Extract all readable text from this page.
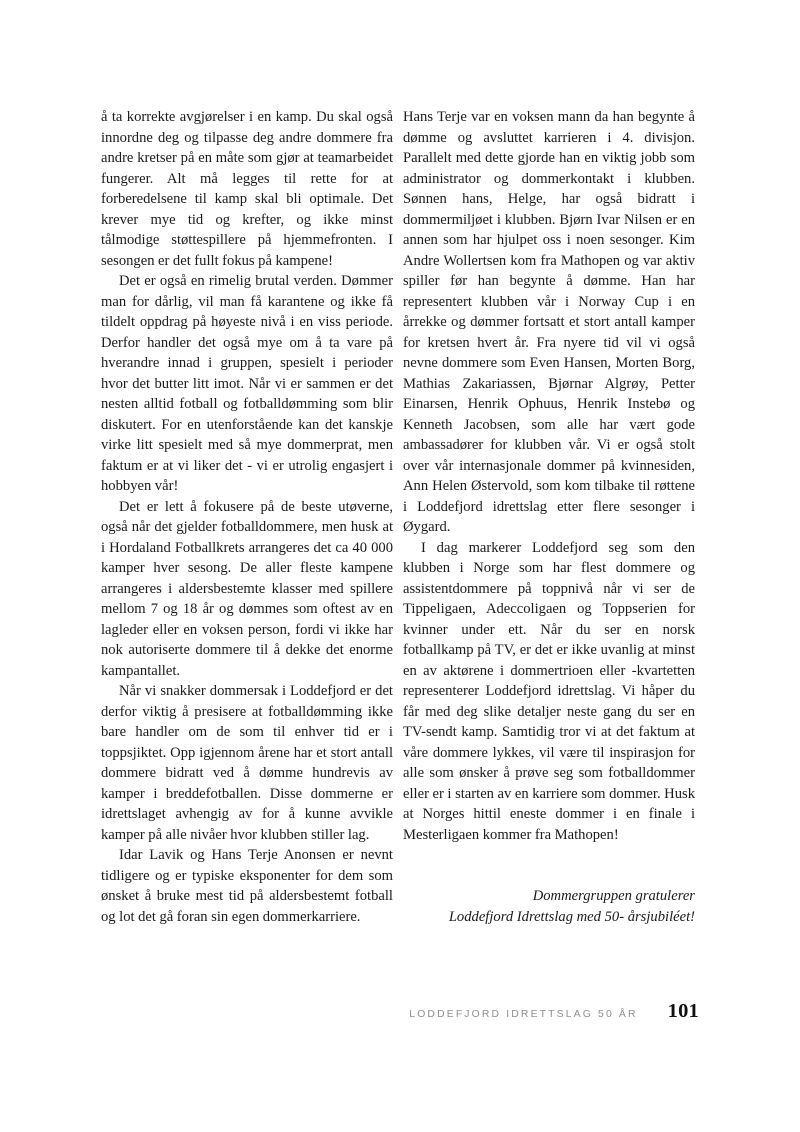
å ta korrekte avgjørelser i en kamp. Du skal også innordne deg og tilpasse deg andre dommere fra andre kretser på en måte som gjør at teamarbeidet fungerer. Alt må legges til rette for at forberedelsene til kamp skal bli optimale. Det krever mye tid og krefter, og ikke minst tålmodige støttespillere på hjemmefronten. I sesongen er det fullt fokus på kampene!

Det er også en rimelig brutal verden. Dømmer man for dårlig, vil man få karantene og ikke få tildelt oppdrag på høyeste nivå i en viss periode. Derfor handler det også mye om å ta vare på hverandre innad i gruppen, spesielt i perioder hvor det butter litt imot. Når vi er sammen er det nesten alltid fotball og fotballdømming som blir diskutert. For en utenforstående kan det kanskje virke litt spesielt med så mye dommerprat, men faktum er at vi liker det - vi er utrolig engasjert i hobbyen vår!

Det er lett å fokusere på de beste utøverne, også når det gjelder fotballdommere, men husk at i Hordaland Fotballkrets arrangeres det ca 40 000 kamper hver sesong. De aller fleste kampene arrangeres i aldersbestemte klasser med spillere mellom 7 og 18 år og dømmes som oftest av en lagleder eller en voksen person, fordi vi ikke har nok autoriserte dommere til å dekke det enorme kampantallet.

Når vi snakker dommersak i Loddefjord er det derfor viktig å presisere at fotballdømming ikke bare handler om de som til enhver tid er i toppsjiktet. Opp igjennom årene har et stort antall dommere bidratt ved å dømme hundrevis av kamper i breddefotballen. Disse dommerne er idrettslaget avhengig av for å kunne avvikle kamper på alle nivåer hvor klubben stiller lag.

Idar Lavik og Hans Terje Anonsen er nevnt tidligere og er typiske eksponenter for dem som ønsket å bruke mest tid på aldersbestemt fotball og lot det gå foran sin egen dommerkarriere.

Hans Terje var en voksen mann da han begynte å dømme og avsluttet karrieren i 4. divisjon. Parallelt med dette gjorde han en viktig jobb som administrator og dommerkontakt i klubben. Sønnen hans, Helge, har også bidratt i dommermiljøet i klubben. Bjørn Ivar Nilsen er en annen som har hjulpet oss i noen sesonger. Kim Andre Wollertsen kom fra Mathopen og var aktiv spiller før han begynte å dømme. Han har representert klubben vår i Norway Cup i en årrekke og dømmer fortsatt et stort antall kamper for kretsen hvert år. Fra nyere tid vil vi også nevne dommere som Even Hansen, Morten Borg, Mathias Zakariassen, Bjørnar Algrøy, Petter Einarsen, Henrik Ophuus, Henrik Instebø og Kenneth Jacobsen, som alle har vært gode ambassadører for klubben vår. Vi er også stolt over vår internasjonale dommer på kvinnesiden, Ann Helen Østervold, som kom tilbake til røttene i Loddefjord idrettslag etter flere sesonger i Øygard.

I dag markerer Loddefjord seg som den klubben i Norge som har flest dommere og assistentdommere på toppnivå når vi ser de Tippeligaen, Adeccoligaen og Toppserien for kvinner under ett. Når du ser en norsk fotballkamp på TV, er det er ikke uvanlig at minst en av aktørene i dommertrioen eller -kvartetten representerer Loddefjord idrettslag. Vi håper du får med deg slike detaljer neste gang du ser en TV-sendt kamp. Samtidig tror vi at det faktum at våre dommere lykkes, vil være til inspirasjon for alle som ønsker å prøve seg som fotballdommer eller er i starten av en karriere som dommer. Husk at Norges hittil eneste dommer i en finale i Mesterligaen kommer fra Mathopen!

Dommergruppen gratulerer
Loddefjord Idrettslag med 50- årsjubiléet!
LODDEFJORD IDRETTSLAG 50 ÅR 101
